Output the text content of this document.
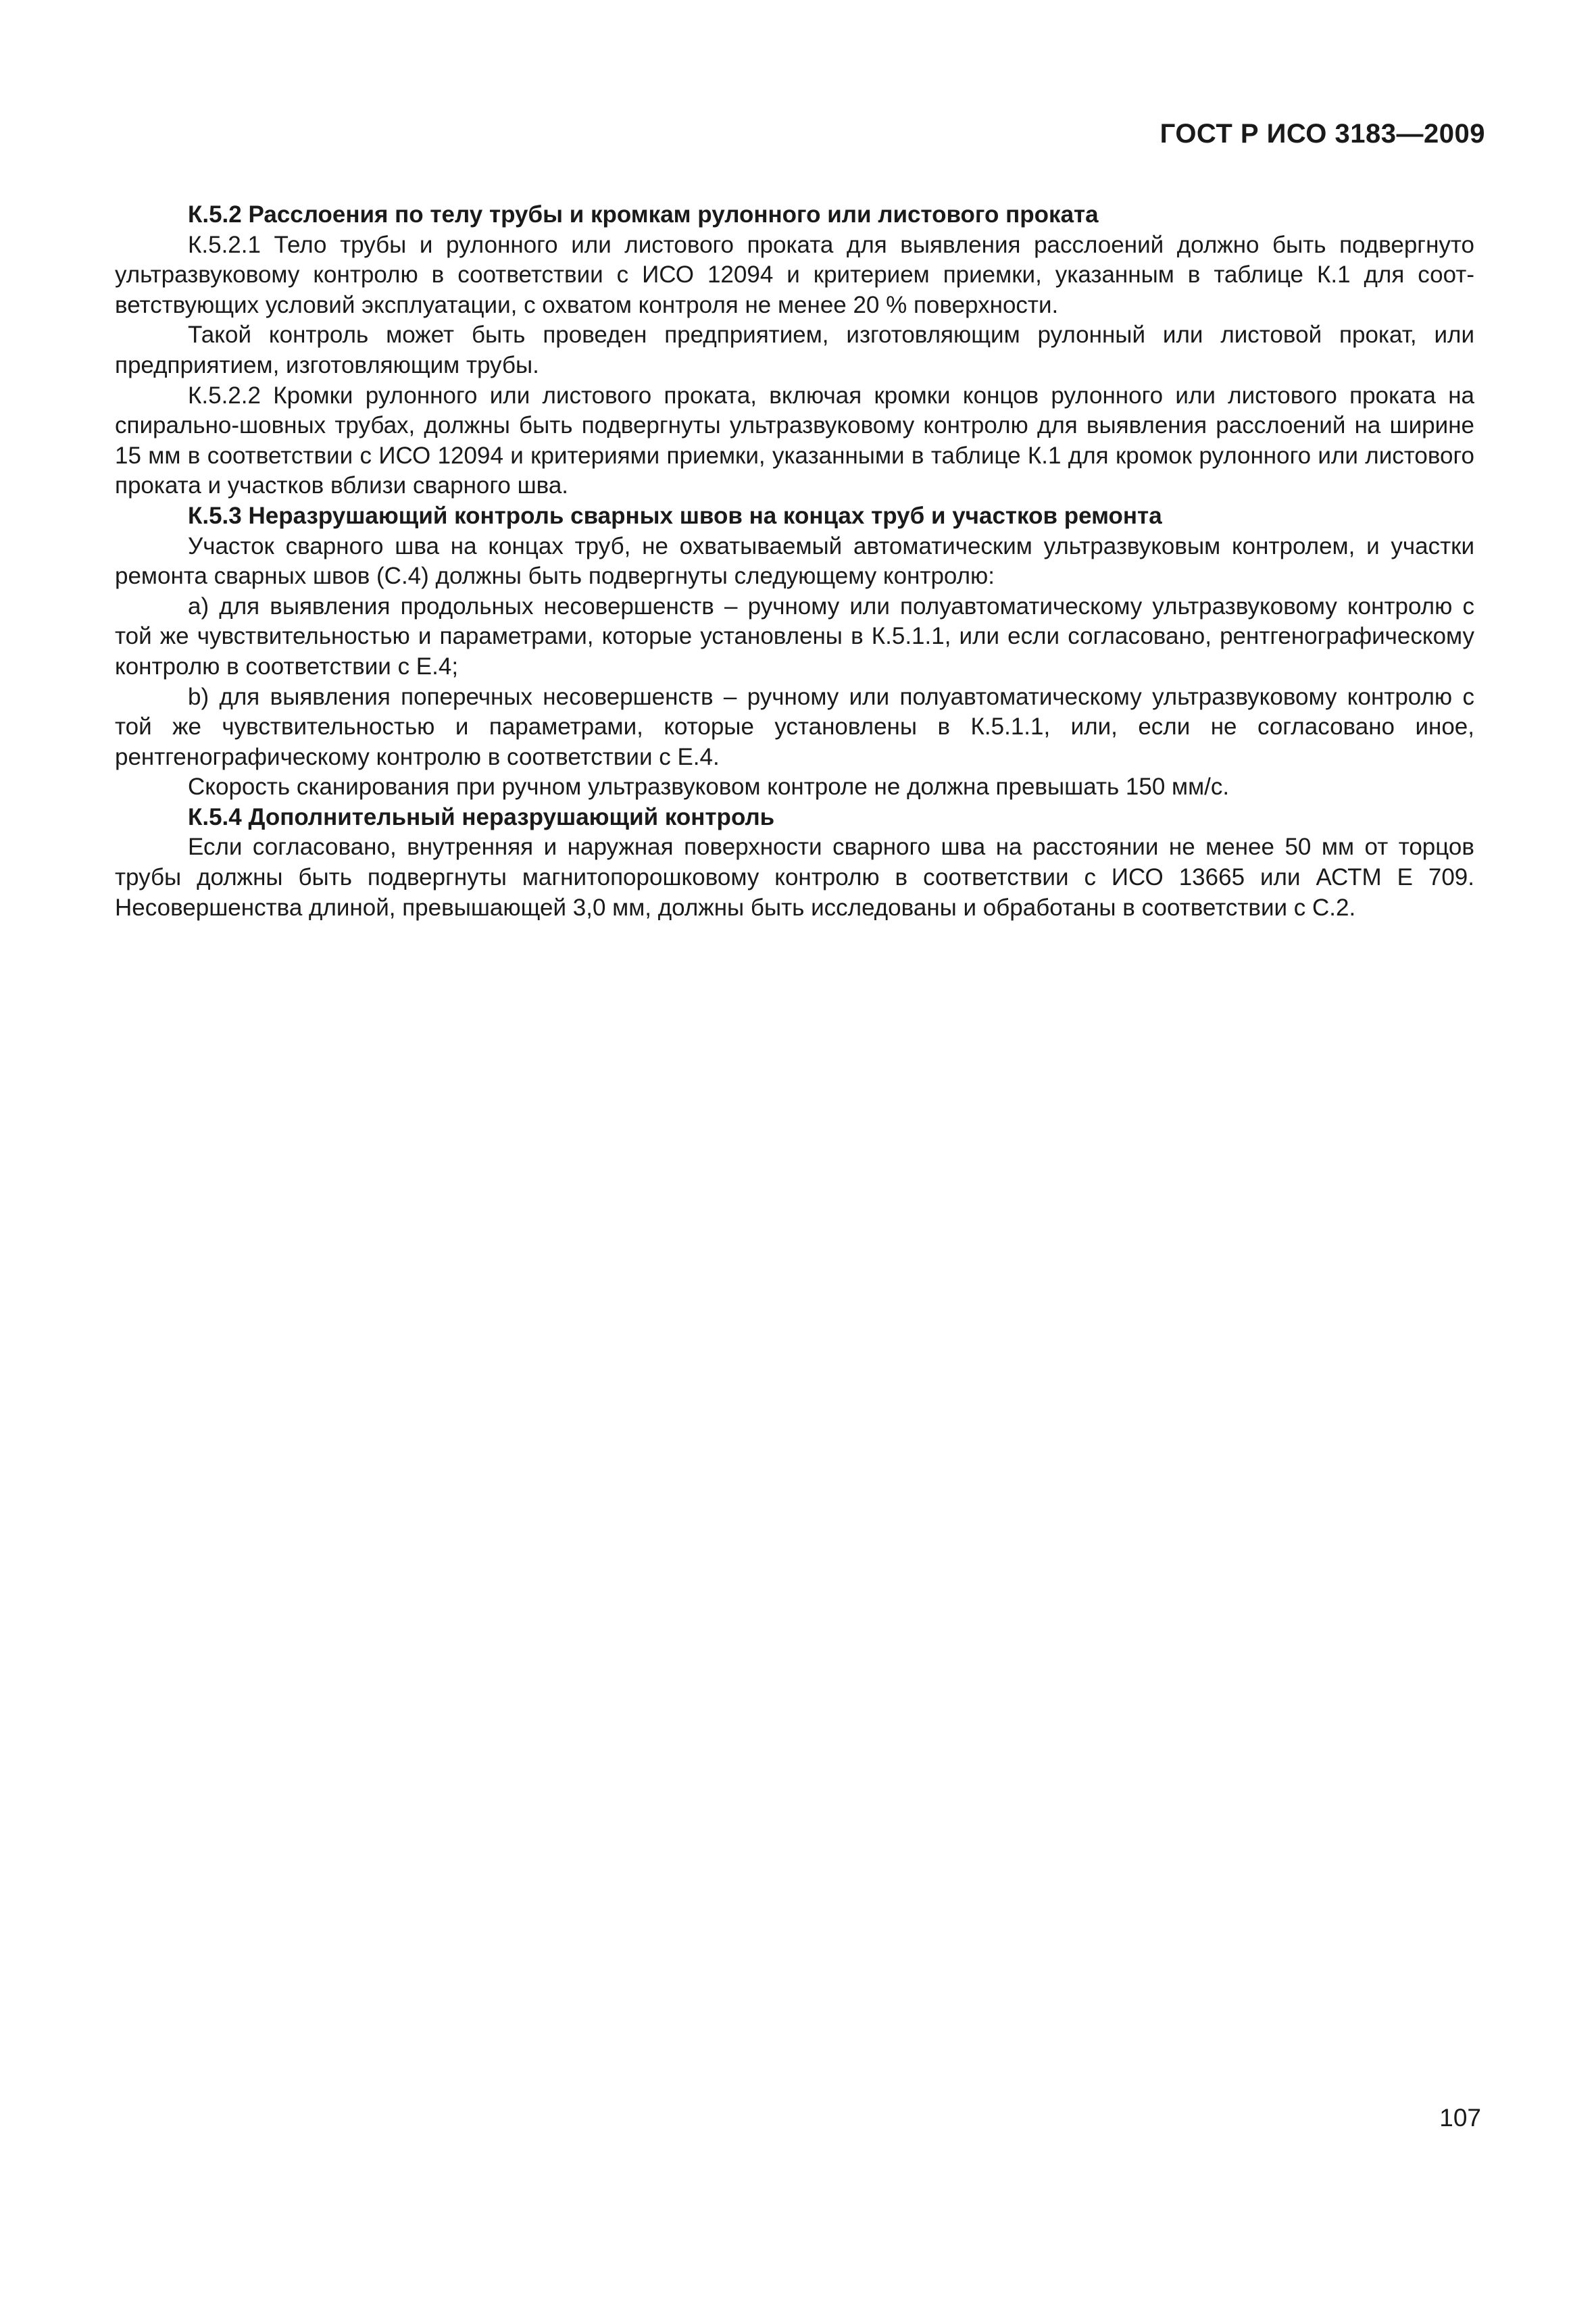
ГОСТ Р ИСО 3183—2009

К.5.2 Расслоения по телу трубы и кромкам рулонного или листового проката

К.5.2.1 Тело трубы и рулонного или листового проката для выявления расслоений должно быть подвергнуто ультразвуковому контролю в соответствии с ИСО 12094 и критерием приемки, указанным в таблице К.1 для соответствующих условий эксплуатации, с охватом контроля не менее 20 % поверхности.

Такой контроль может быть проведен предприятием, изготовляющим рулонный или листовой прокат, или предприятием, изготовляющим трубы.

К.5.2.2 Кромки рулонного или листового проката, включая кромки концов рулонного или листового проката на спирально-шовных трубах, должны быть подвергнуты ультразвуковому контролю для выявления расслоений на ширине 15 мм в соответствии с ИСО 12094 и критериями приемки, указанными в таблице К.1 для кромок рулонного или листового проката и участков вблизи сварного шва.

К.5.3 Неразрушающий контроль сварных швов на концах труб и участков ремонта

Участок сварного шва на концах труб, не охватываемый автоматическим ультразвуковым контролем, и участки ремонта сварных швов (С.4) должны быть подвергнуты следующему контролю:

а) для выявления продольных несовершенств – ручному или полуавтоматическому ультразвуковому контролю с той же чувствительностью и параметрами, которые установлены в К.5.1.1, или если согласовано, рентгенографическому контролю в соответствии с Е.4;

b) для выявления поперечных несовершенств – ручному или полуавтоматическому ультразвуковому контролю с той же чувствительностью и параметрами, которые установлены в К.5.1.1, или, если не согласовано иное, рентгенографическому контролю в соответствии с Е.4.

Скорость сканирования при ручном ультразвуковом контроле не должна превышать 150 мм/с.

К.5.4 Дополнительный неразрушающий контроль

Если согласовано, внутренняя и наружная поверхности сварного шва на расстоянии не менее 50 мм от торцов трубы должны быть подвергнуты магнитопорошковому контролю в соответствии с ИСО 13665 или АСТМ Е 709. Несовершенства длиной, превышающей 3,0 мм, должны быть исследованы и обработаны в соответствии с С.2.

107
